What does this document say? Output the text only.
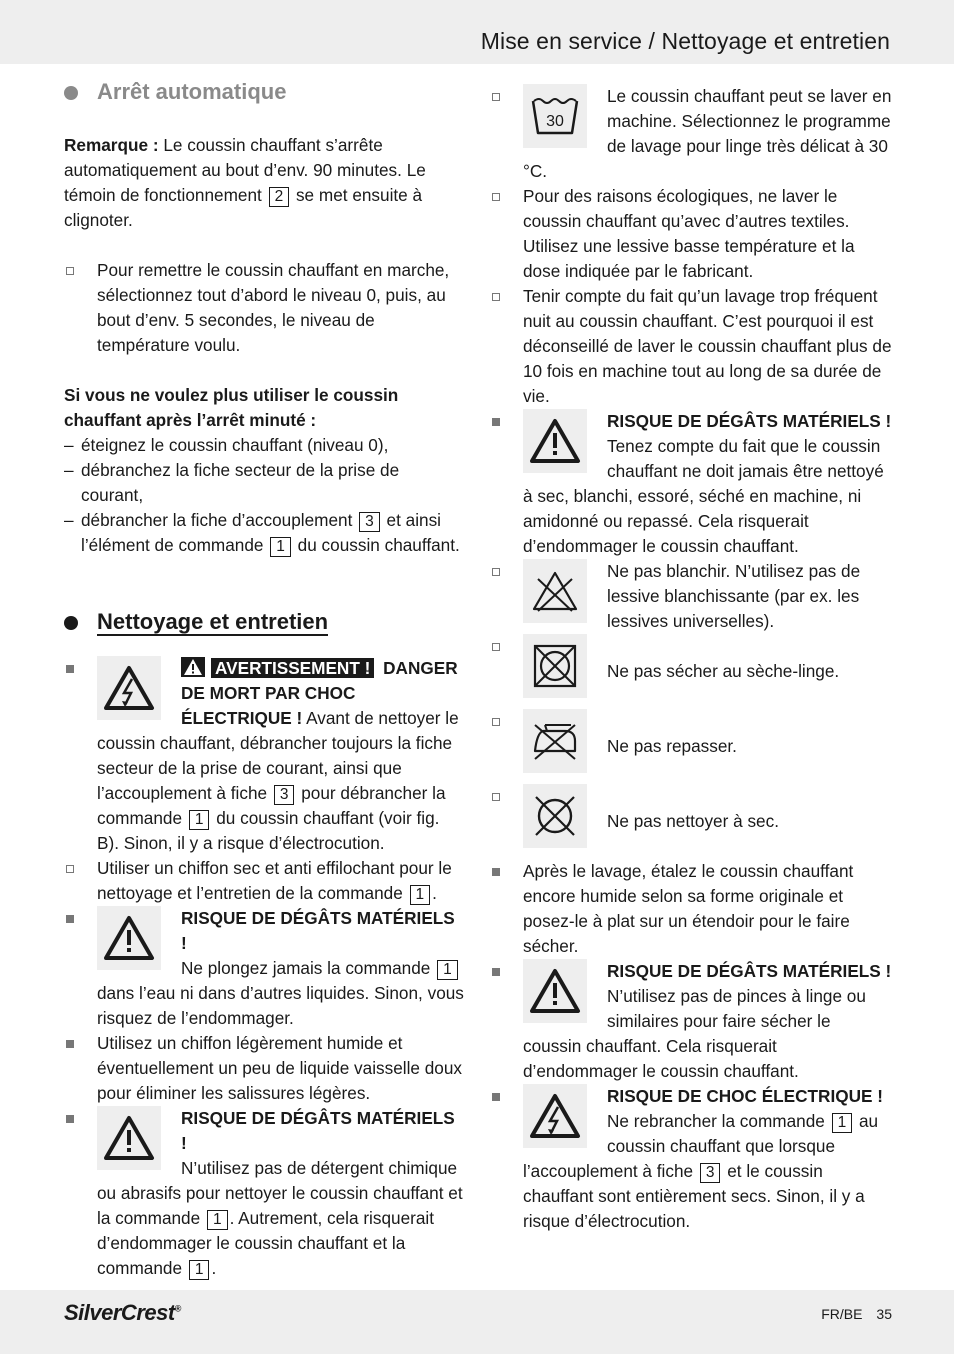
Mise en service / Nettoyage et entretien
Arrêt automatique

Remarque : Le coussin chauffant s’arrête automatiquement au bout d’env. 90 minutes. Le témoin de fonctionnement 2 se met ensuite à clignoter.

Pour remettre le coussin chauffant en marche, sélectionnez tout d’abord le niveau 0, puis, au bout d’env. 5 secondes, le niveau de température voulu.

Si vous ne voulez plus utiliser le coussin chauffant après l’arrêt minuté :

– éteignez le coussin chauffant (niveau 0),
– débranchez la fiche secteur de la prise de courant,
– débrancher la fiche d’accouplement 3 et ainsi l’élément de commande 1 du coussin chauffant.
Nettoyage et entretien
AVERTISSEMENT ! DANGER DE MORT PAR CHOC ÉLECTRIQUE ! Avant de nettoyer le coussin chauffant, débrancher toujours la fiche secteur de la prise de courant, ainsi que l’accouplement à fiche 3 pour débrancher la commande 1 du coussin chauffant (voir fig. B). Sinon, il y a risque d’électrocution.
Utiliser un chiffon sec et anti effilochant pour le nettoyage et l’entretien de la commande 1 .
RISQUE DE DÉGÂTS MATÉRIELS !
Ne plongez jamais la commande 1 dans l’eau ni dans d’autres liquides. Sinon, vous risquez de l’endommager.
Utilisez un chiffon légèrement humide et éventuellement un peu de liquide vaisselle doux pour éliminer les salissures légères.
RISQUE DE DÉGÂTS MATÉRIELS !
N’utilisez pas de détergent chimique ou abrasifs pour nettoyer le coussin chauffant et la commande 1 . Autrement, cela risquerait d’endommager le coussin chauffant et la commande 1 .
30
Le coussin chauffant peut se laver en machine. Sélectionnez le programme de lavage pour linge très délicat à 30 °C.
Pour des raisons écologiques, ne laver le coussin chauffant qu’avec d’autres textiles. Utilisez une lessive basse température et la dose indiquée par le fabricant.
Tenir compte du fait qu’un lavage trop fréquent nuit au coussin chauffant. C’est pourquoi il est déconseillé de laver le coussin chauffant plus de 10 fois en machine tout au long de sa durée de vie.
RISQUE DE DÉGÂTS MATÉRIELS !
Tenez compte du fait que le coussin chauffant ne doit jamais être nettoyé à sec, blanchi, essoré, séché en machine, ni amidonné ou repassé. Cela risquerait d’endommager le coussin chauffant.
Ne pas blanchir. N’utilisez pas de lessive blanchissante (par ex. les lessives universelles).
Ne pas sécher au sèche-linge.
Ne pas repasser.
Ne pas nettoyer à sec.
Après le lavage, étalez le coussin chauffant encore humide selon sa forme originale et posez-le à plat sur un étendoir pour le faire sécher.
RISQUE DE DÉGÂTS MATÉRIELS !
N’utilisez pas de pinces à linge ou similaires pour faire sécher le coussin chauffant. Cela risquerait d’endommager le coussin chauffant.
RISQUE DE CHOC ÉLECTRIQUE !
Ne rebrancher la commande 1 au coussin chauffant que lorsque l’accouplement à fiche 3 et le coussin chauffant sont entièrement secs. Sinon, il y a risque d’électrocution.
SilverCrest®	FR/BE 35
